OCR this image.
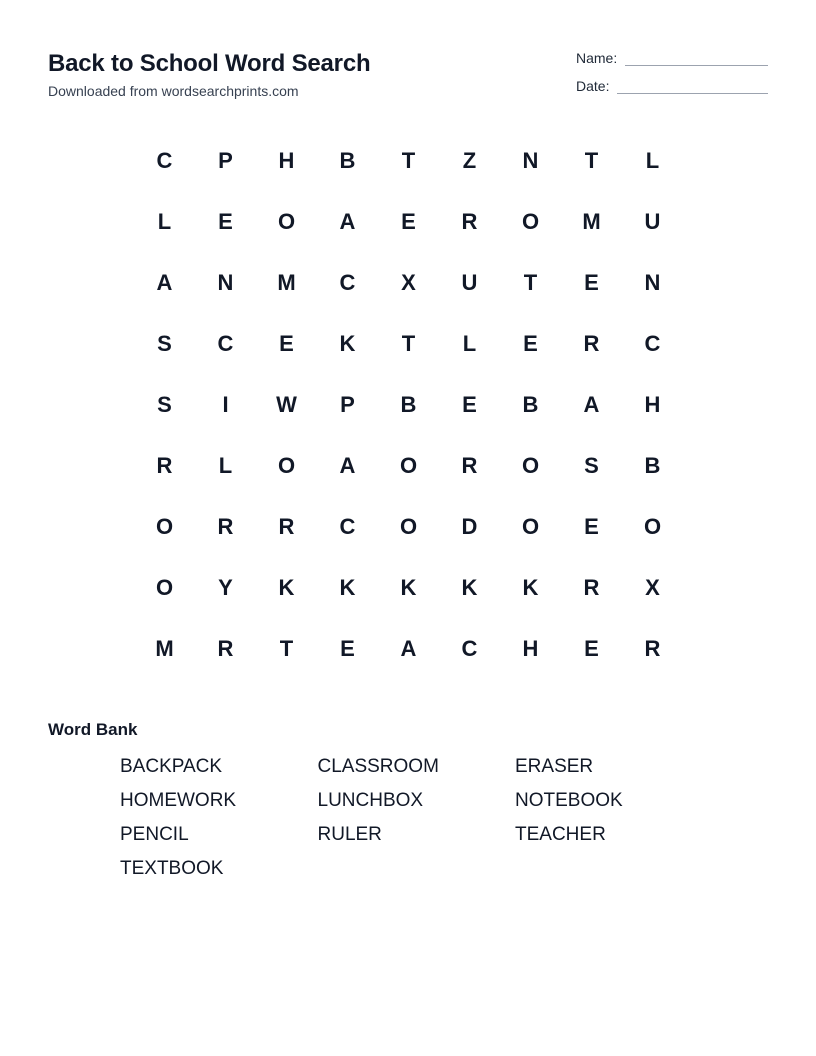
Back to School Word Search
Downloaded from wordsearchprints.com
Name:
Date:
C	P	H	B	T	Z	N	T	L
L	E	O	A	E	R	O	M	U
A	N	M	C	X	U	T	E	N
S	C	E	K	T	L	E	R	C
S	I	W	P	B	E	B	A	H
R	L	O	A	O	R	O	S	B
O	R	R	C	O	D	O	E	O
O	Y	K	K	K	K	K	R	X
M	R	T	E	A	C	H	E	R
Word Bank
BACKPACK	CLASSROOM	ERASER
HOMEWORK	LUNCHBOX	NOTEBOOK
PENCIL	RULER	TEACHER
TEXTBOOK
